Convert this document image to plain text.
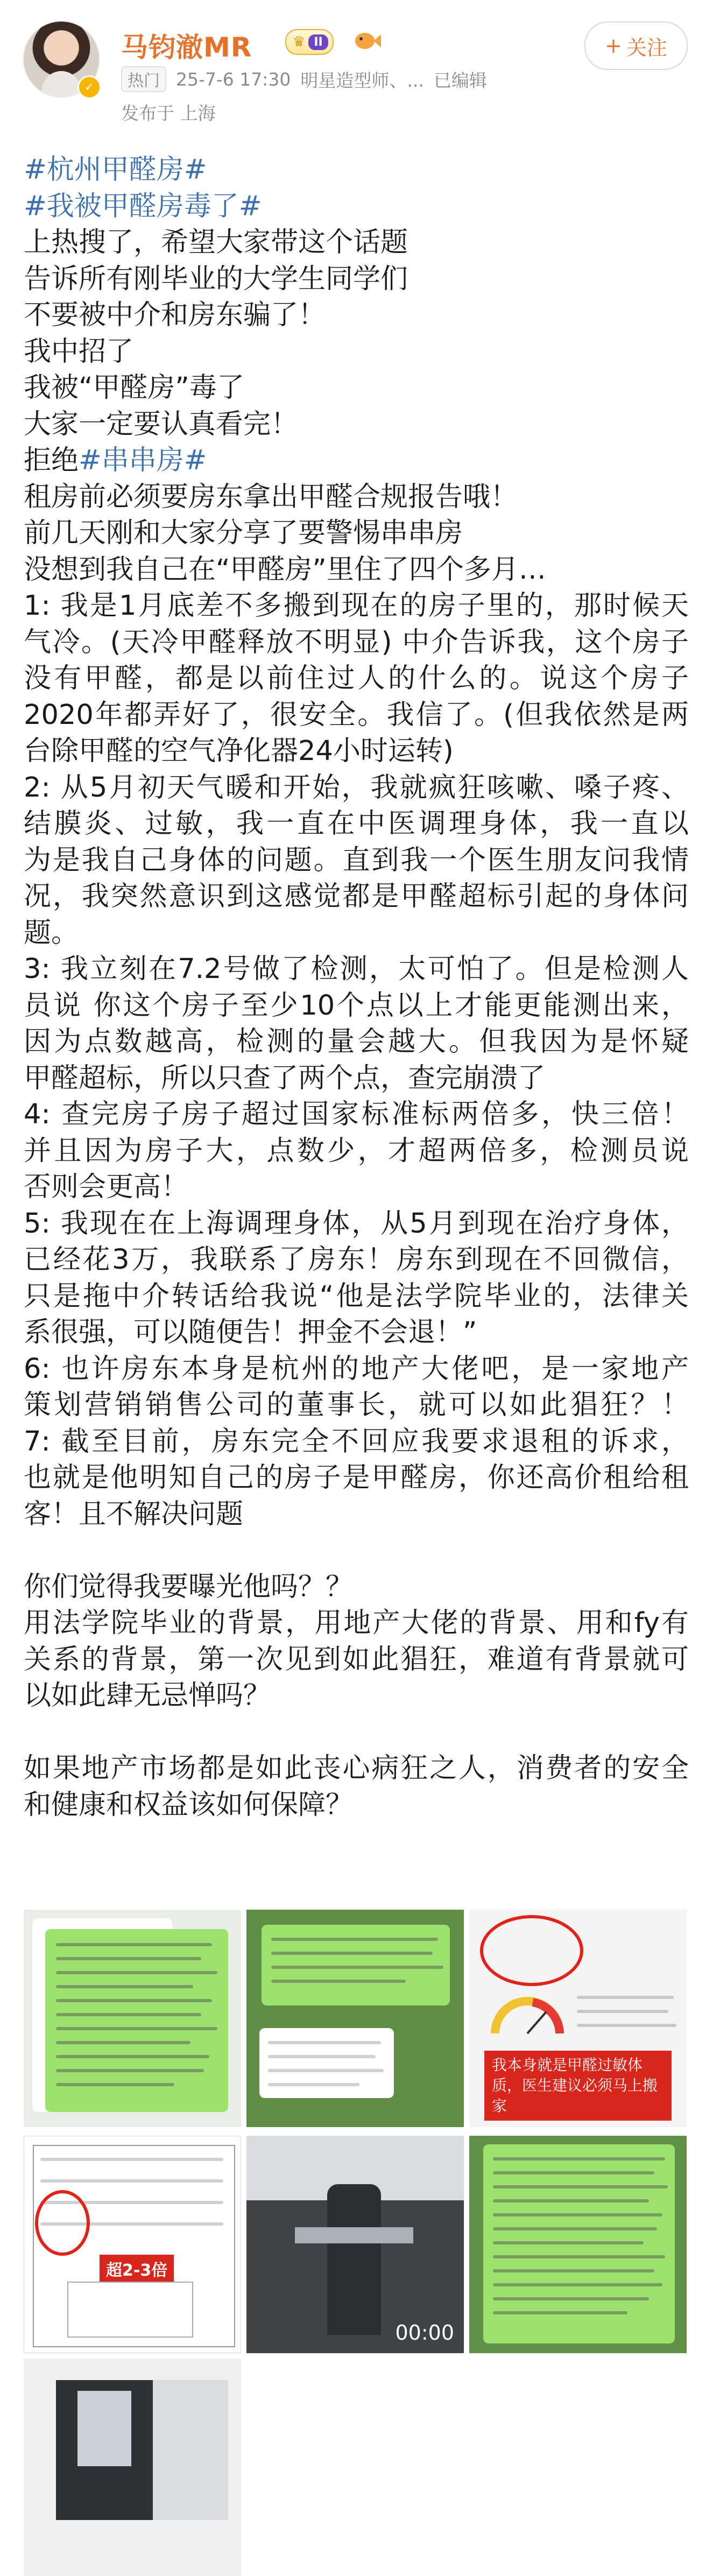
✓
马钧澈MR	♛ II	+ 关注
热门 25-7-6 17:30 明星造型师、... 已编辑
发布于 上海
#杭州甲醛房#
#我被甲醛房毒了#
上热搜了，希望大家带这个话题
告诉所有刚毕业的大学生同学们
不要被中介和房东骗了！
我中招了
我被“甲醛房”毒了
大家一定要认真看完！
拒绝#串串房#
租房前必须要房东拿出甲醛合规报告哦！
前几天刚和大家分享了要警惕串串房
没想到我自己在“甲醛房”里住了四个多月…
1: 我是1月底差不多搬到现在的房子里的，那时候天
气冷。(天冷甲醛释放不明显) 中介告诉我，这个房子
没有甲醛，都是以前住过人的什么的。说这个房子
2020年都弄好了，很安全。我信了。(但我依然是两
台除甲醛的空气净化器24小时运转)
2: 从5月初天气暖和开始，我就疯狂咳嗽、嗓子疼、
结膜炎、过敏，我一直在中医调理身体，我一直以
为是我自己身体的问题。直到我一个医生朋友问我情
况，我突然意识到这感觉都是甲醛超标引起的身体问
题。
3: 我立刻在7.2号做了检测，太可怕了。但是检测人
员说 你这个房子至少10个点以上才能更能测出来，
因为点数越高，检测的量会越大。但我因为是怀疑
甲醛超标，所以只查了两个点，查完崩溃了
4: 查完房子房子超过国家标准标两倍多，快三倍！
并且因为房子大，点数少，才超两倍多，检测员说
否则会更高！
5: 我现在在上海调理身体，从5月到现在治疗身体，
已经花3万，我联系了房东！房东到现在不回微信，
只是拖中介转话给我说“他是法学院毕业的，法律关
系很强，可以随便告！押金不会退！”
6: 也许房东本身是杭州的地产大佬吧，是一家地产
策划营销销售公司的董事长，就可以如此猖狂？！
7: 截至目前，房东完全不回应我要求退租的诉求，
也就是他明知自己的房子是甲醛房，你还高价租给租
客！且不解决问题
你们觉得我要曝光他吗？？
用法学院毕业的背景，用地产大佬的背景、用和fy有
关系的背景，第一次见到如此猖狂，难道有背景就可
以如此肆无忌惮吗？
如果地产市场都是如此丧心病狂之人，消费者的安全
和健康和权益该如何保障？
我本身就是甲醛过敏体质，医生建议必须马上搬家
超2-3倍
00:00
